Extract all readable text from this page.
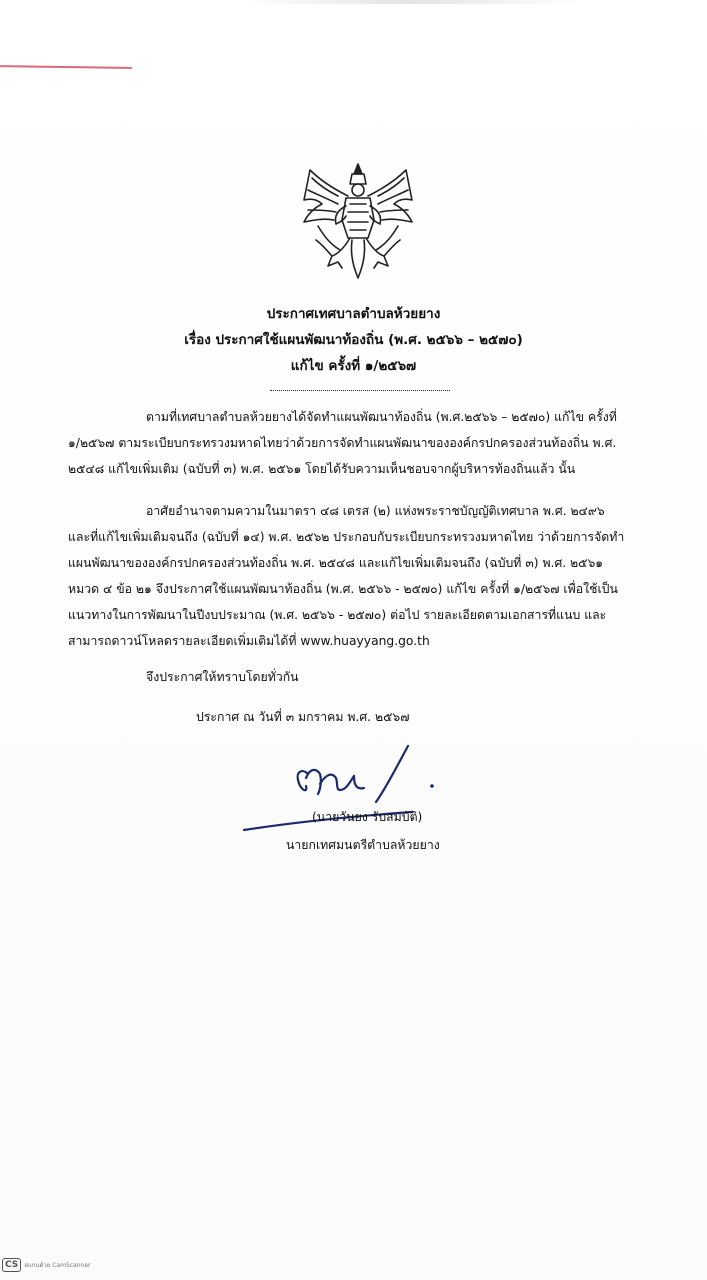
ประกาศเทศบาลตำบลห้วยยาง
เรื่อง ประกาศใช้แผนพัฒนาท้องถิ่น (พ.ศ. ๒๕๖๖ – ๒๕๗๐)
แก้ไข ครั้งที่ ๑/๒๕๖๗
ตามที่เทศบาลตำบลห้วยยางได้จัดทำแผนพัฒนาท้องถิ่น (พ.ศ.๒๕๖๖ – ๒๕๗๐) แก้ไข ครั้งที่
๑/๒๕๖๗ ตามระเบียบกระทรวงมหาดไทยว่าด้วยการจัดทำแผนพัฒนาขององค์กรปกครองส่วนท้องถิ่น พ.ศ.
๒๕๔๘ แก้ไขเพิ่มเติม (ฉบับที่ ๓) พ.ศ. ๒๕๖๑ โดยได้รับความเห็นชอบจากผู้บริหารท้องถิ่นแล้ว นั้น
อาศัยอำนาจตามความในมาตรา ๔๘ เตรส (๒) แห่งพระราชบัญญัติเทศบาล พ.ศ. ๒๔๙๖
และที่แก้ไขเพิ่มเติมจนถึง (ฉบับที่ ๑๔) พ.ศ. ๒๕๖๒ ประกอบกับระเบียบกระทรวงมหาดไทย ว่าด้วยการจัดทำ
แผนพัฒนาขององค์กรปกครองส่วนท้องถิ่น พ.ศ. ๒๕๔๘ และแก้ไขเพิ่มเติมจนถึง (ฉบับที่ ๓) พ.ศ. ๒๕๖๑
หมวด ๔ ข้อ ๒๑ จึงประกาศใช้แผนพัฒนาท้องถิ่น (พ.ศ. ๒๕๖๖ - ๒๕๗๐) แก้ไข ครั้งที่ ๑/๒๕๖๗ เพื่อใช้เป็น
แนวทางในการพัฒนาในปีงบประมาณ (พ.ศ. ๒๕๖๖ - ๒๕๗๐) ต่อไป รายละเอียดตามเอกสารที่แนบ และ
สามารถดาวน์โหลดรายละเอียดเพิ่มเติมได้ที่ www.huayyang.go.th
จึงประกาศให้ทราบโดยทั่วกัน
ประกาศ ณ วันที่ ๓ มกราคม พ.ศ. ๒๕๖๗
(นายวันยง รับสมบัติ)
นายกเทศมนตรีตำบลห้วยยาง
CS	สแกนด้วย CamScanner
